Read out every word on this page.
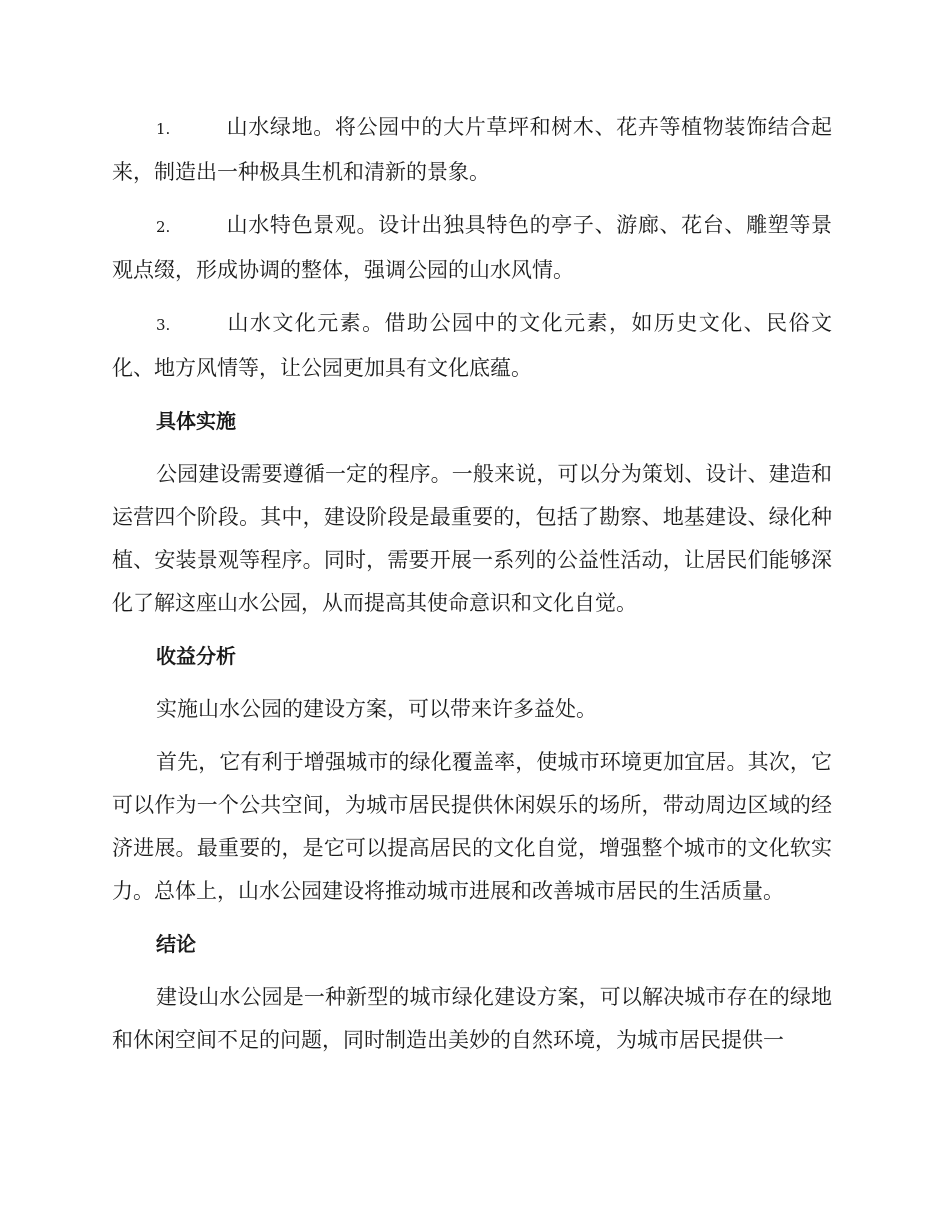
1.	山水绿地。将公园中的大片草坪和树木、花卉等植物装饰结合起来，制造出一种极具生机和清新的景象。
2.	山水特色景观。设计出独具特色的亭子、游廊、花台、雕塑等景观点缀，形成协调的整体，强调公园的山水风情。
3.	山水文化元素。借助公园中的文化元素，如历史文化、民俗文化、地方风情等，让公园更加具有文化底蕴。
具体实施

公园建设需要遵循一定的程序。一般来说，可以分为策划、设计、建造和运营四个阶段。其中，建设阶段是最重要的，包括了勘察、地基建设、绿化种植、安装景观等程序。同时，需要开展一系列的公益性活动，让居民们能够深化了解这座山水公园，从而提高其使命意识和文化自觉。

收益分析

实施山水公园的建设方案，可以带来许多益处。

首先，它有利于增强城市的绿化覆盖率，使城市环境更加宜居。其次，它可以作为一个公共空间，为城市居民提供休闲娱乐的场所，带动周边区域的经济进展。最重要的，是它可以提高居民的文化自觉，增强整个城市的文化软实力。总体上，山水公园建设将推动城市进展和改善城市居民的生活质量。

结论

建设山水公园是一种新型的城市绿化建设方案，可以解决城市存在的绿地和休闲空间不足的问题，同时制造出美妙的自然环境，为城市居民提供一
